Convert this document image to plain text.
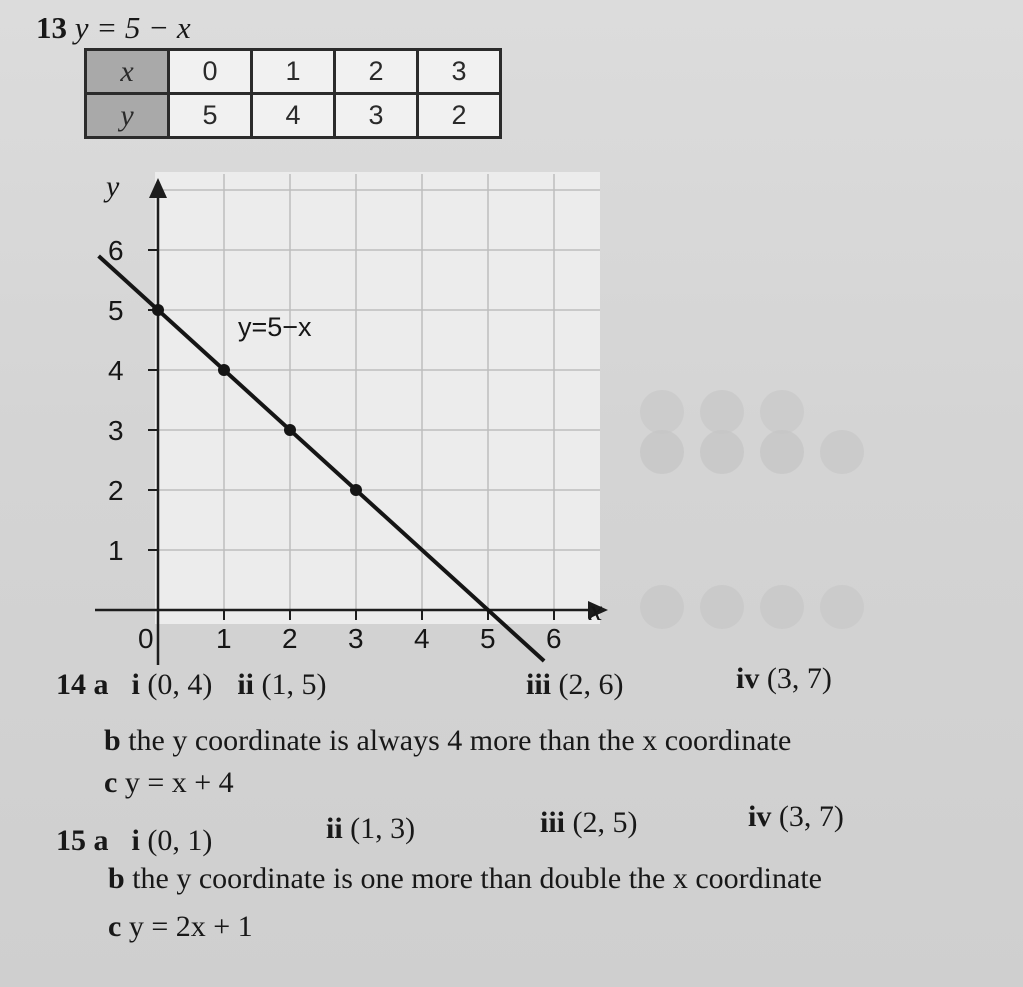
13 y = 5 − x
x	0	1	2	3
y	5	4	3	2
0 1 2 3 4 5 6
1
2
3
4
5
6
y=5−x
x
y
14 a i (0, 4) ii (1, 5)	iii (2, 6)	iv (3, 7)
b the y coordinate is always 4 more than the x coordinate
c y = x + 4
15 a i (0, 1)	ii (1, 3)	iii (2, 5)	iv (3, 7)
b the y coordinate is one more than double the x coordinate
c y = 2x + 1
